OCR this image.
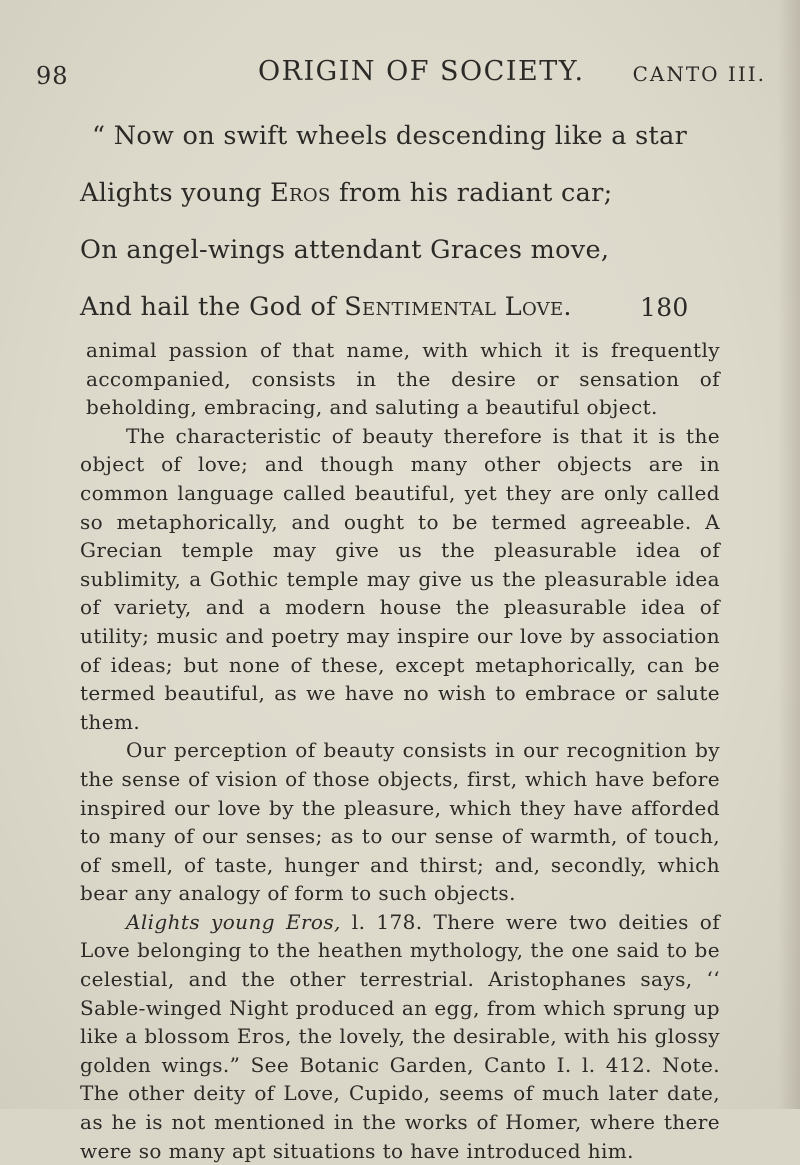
98	ORIGIN OF SOCIETY. CANTO III.
“ Now on swift wheels descending like a star
Alights young Eros from his radiant car;
On angel-wings attendant Graces move,
And hail the God of Sentimental Love.	180

animal passion of that name, with which it is frequently accompanied, consists in the desire or sensation of beholding, embracing, and saluting a beautiful object.

The characteristic of beauty therefore is that it is the object of love; and though many other objects are in common language called beautiful, yet they are only called so metaphorically, and ought to be termed agreeable. A Grecian temple may give us the pleasurable idea of sublimity, a Gothic temple may give us the pleasurable idea of variety, and a modern house the pleasurable idea of utility; music and poetry may inspire our love by association of ideas; but none of these, except metaphorically, can be termed beautiful, as we have no wish to embrace or salute them.

Our perception of beauty consists in our recognition by the sense of vision of those objects, first, which have before inspired our love by the pleasure, which they have afforded to many of our senses; as to our sense of warmth, of touch, of smell, of taste, hunger and thirst; and, secondly, which bear any analogy of form to such objects.

Alights young Eros, l. 178. There were two deities of Love belonging to the heathen mythology, the one said to be celestial, and the other terrestrial. Aristophanes says, ‘‘ Sable-winged Night produced an egg, from which sprung up like a blossom Eros, the lovely, the desirable, with his glossy golden wings.” See Botanic Garden, Canto I. l. 412. Note. The other deity of Love, Cupido, seems of much later date, as he is not mentioned in the works of Homer, where there were so many apt situations to have introduced him.
